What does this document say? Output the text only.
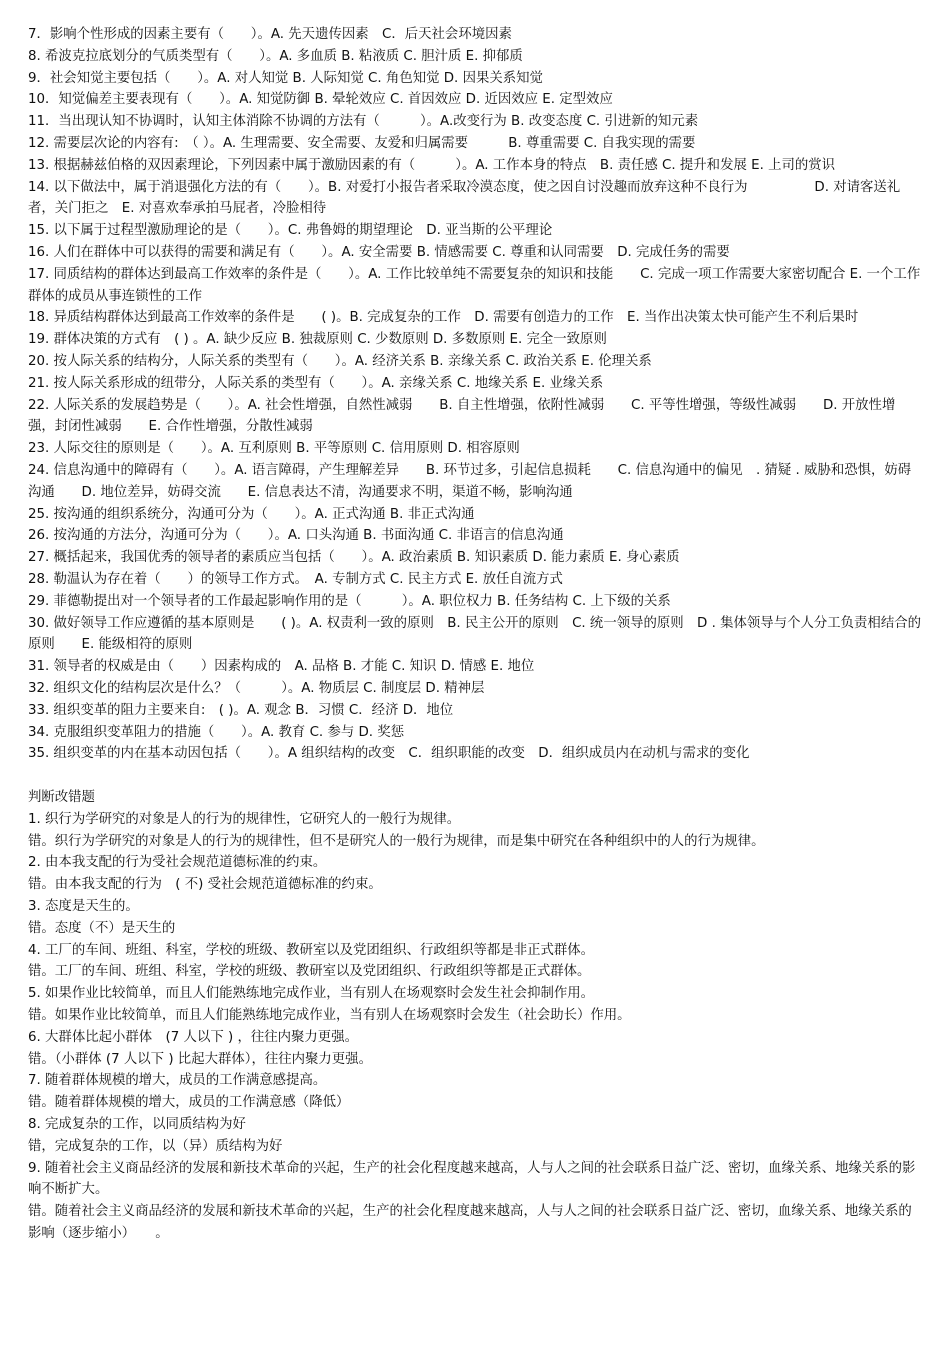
7．影响个性形成的因素主要有（　　）。A. 先天遗传因素　C．后天社会环境因素
8. 希波克拉底划分的气质类型有（　　）。A. 多血质 B. 粘液质 C. 胆汁质 E. 抑郁质
9．社会知觉主要包括（　　）。A. 对人知觉 B. 人际知觉 C. 角色知觉 D. 因果关系知觉
10．知觉偏差主要表现有（　　）。A. 知觉防御 B. 晕轮效应 C. 首因效应 D. 近因效应 E. 定型效应
11．当出现认知不协调时，认知主体消除不协调的方法有（　　　）。A.改变行为 B. 改变态度 C. 引进新的知元素
12. 需要层次论的内容有:　（ ）。A. 生理需要、安全需要、友爱和归属需要　　　B. 尊重需要 C. 自我实现的需要
13. 根据赫兹伯格的双因素理论，下列因素中属于激励因素的有（　　　）。A. 工作本身的特点　B. 责任感 C. 提升和发展 E. 上司的赏识
14. 以下做法中，属于消退强化方法的有（　　）。B. 对爱打小报告者采取冷漠态度，使之因自讨没趣而放弃这种不良行为　　　　　D. 对请客送礼者，关门拒之　E. 对喜欢奉承拍马屁者，冷脸相待
15. 以下属于过程型激励理论的是（　　）。C. 弗鲁姆的期望理论　D. 亚当斯的公平理论
16. 人们在群体中可以获得的需要和满足有（　　）。A. 安全需要 B. 情感需要 C. 尊重和认同需要　D. 完成任务的需要
17. 同质结构的群体达到最高工作效率的条件是（　　）。A. 工作比较单纯不需要复杂的知识和技能　　C. 完成一项工作需要大家密切配合 E. 一个工作群体的成员从事连锁性的工作
18. 异质结构群体达到最高工作效率的条件是　　( )。B. 完成复杂的工作　D. 需要有创造力的工作　E. 当作出决策太快可能产生不利后果时
19. 群体决策的方式有　( ) 。A. 缺少反应 B. 独裁原则 C. 少数原则 D. 多数原则 E. 完全一致原则
20. 按人际关系的结构分，人际关系的类型有（　　）。A. 经济关系 B. 亲缘关系 C. 政治关系 E. 伦理关系
21. 按人际关系形成的纽带分，人际关系的类型有（　　）。A. 亲缘关系 C. 地缘关系 E. 业缘关系
22. 人际关系的发展趋势是（　　）。A. 社会性增强，自然性减弱　　B. 自主性增强，依附性减弱　　C. 平等性增强，等级性减弱　　D. 开放性增强，封闭性减弱　　E. 合作性增强，分散性减弱
23. 人际交往的原则是（　　）。A. 互利原则 B. 平等原则 C. 信用原则 D. 相容原则
24. 信息沟通中的障碍有（　　）。A. 语言障碍，产生理解差异　　B. 环节过多，引起信息损耗　　C. 信息沟通中的偏见　. 猜疑 . 威胁和恐惧，妨碍沟通　　D. 地位差异，妨碍交流　　E. 信息表达不清，沟通要求不明，渠道不畅，影响沟通
25. 按沟通的组织系统分，沟通可分为（　　）。A. 正式沟通 B. 非正式沟通
26. 按沟通的方法分，沟通可分为（　　）。A. 口头沟通 B. 书面沟通 C. 非语言的信息沟通
27. 概括起来，我国优秀的领导者的素质应当包括（　　）。A. 政治素质 B. 知识素质 D. 能力素质 E. 身心素质
28. 勒温认为存在着（　　）的领导工作方式。　A. 专制方式 C. 民主方式 E. 放任自流方式
29. 菲德勒提出对一个领导者的工作最起影响作用的是（　　　）。A. 职位权力 B. 任务结构 C. 上下级的关系
30. 做好领导工作应遵循的基本原则是　　( )。A. 权责利一致的原则　B. 民主公开的原则　C. 统一领导的原则　D . 集体领导与个人分工负责相结合的原则　　E. 能级相符的原则
31. 领导者的权威是由（　　）因素构成的　A. 品格 B. 才能 C. 知识 D. 情感 E. 地位
32. 组织文化的结构层次是什么？（　　　）。A. 物质层 C. 制度层 D. 精神层
33. 组织变革的阻力主要来自:　( )。A. 观念 B．习惯 C．经济 D．地位
34. 克服组织变革阻力的措施（　　）。A. 教育 C. 参与 D. 奖惩
35. 组织变革的内在基本动因包括（　　）。A 组织结构的改变　C．组织职能的改变　D．组织成员内在动机与需求的变化
判断改错题
1. 织行为学研究的对象是人的行为的规律性，它研究人的一般行为规律。
错。织行为学研究的对象是人的行为的规律性，但不是研究人的一般行为规律，而是集中研究在各种组织中的人的行为规律。
2. 由本我支配的行为受社会规范道德标准的约束。
错。由本我支配的行为　( 不) 受社会规范道德标准的约束。
3. 态度是天生的。
错。态度（不）是天生的
4. 工厂的车间、班组、科室，学校的班级、教研室以及党团组织、行政组织等都是非正式群体。
错。工厂的车间、班组、科室，学校的班级、教研室以及党团组织、行政组织等都是正式群体。
5. 如果作业比较简单，而且人们能熟练地完成作业，当有别人在场观察时会发生社会抑制作用。
错。如果作业比较简单，而且人们能熟练地完成作业，当有别人在场观察时会发生（社会助长）作用。
6. 大群体比起小群体　(7 人以下 ) ，往往内聚力更强。
错。（小群体 (7 人以下 ) 比起大群体），往往内聚力更强。
7. 随着群体规模的增大，成员的工作满意感提高。
错。随着群体规模的增大，成员的工作满意感（降低）
8. 完成复杂的工作，以同质结构为好
错，完成复杂的工作，以（异）质结构为好
9. 随着社会主义商品经济的发展和新技术革命的兴起，生产的社会化程度越来越高，人与人之间的社会联系日益广泛、密切，血缘关系、地缘关系的影响不断扩大。
错。随着社会主义商品经济的发展和新技术革命的兴起，生产的社会化程度越来越高，人与人之间的社会联系日益广泛、密切，血缘关系、地缘关系的影响（逐步缩小）　　。
